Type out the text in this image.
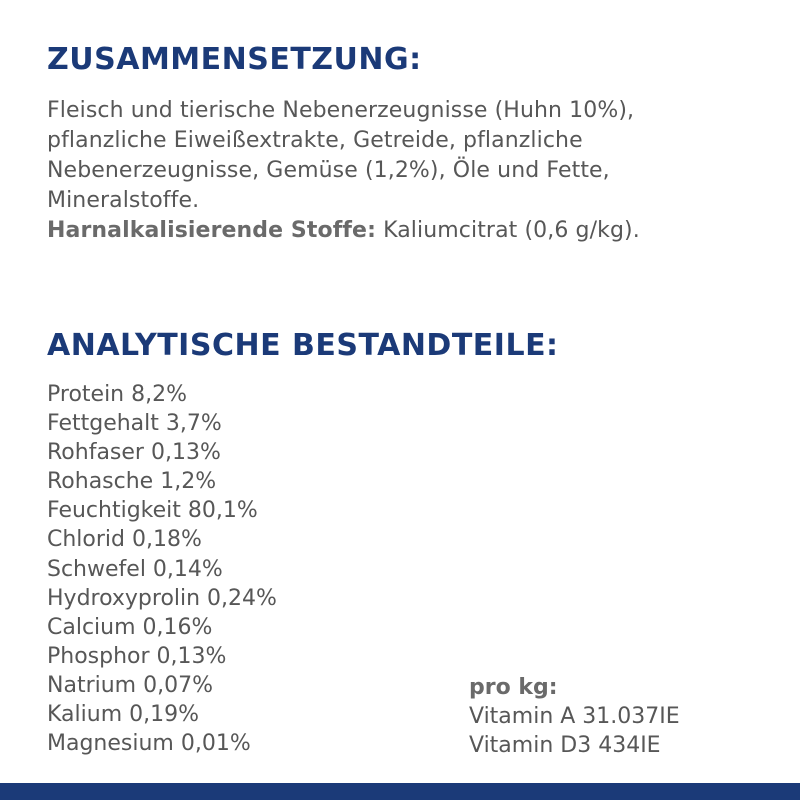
ZUSAMMENSETZUNG:
Fleisch und tierische Nebenerzeugnisse (Huhn 10%),
pflanzliche Eiweißextrakte, Getreide, pflanzliche
Nebenerzeugnisse, Gemüse (1,2%), Öle und Fette,
Mineralstoffe.
Harnalkalisierende Stoffe: Kaliumcitrat (0,6 g/kg).
ANALYTISCHE BESTANDTEILE:
Protein 8,2%
Fettgehalt 3,7%
Rohfaser 0,13%
Rohasche 1,2%
Feuchtigkeit 80,1%
Chlorid 0,18%
Schwefel 0,14%
Hydroxyprolin 0,24%
Calcium 0,16%
Phosphor 0,13%
Natrium 0,07%
Kalium 0,19%
Magnesium 0,01%
pro kg:
Vitamin A 31.037IE
Vitamin D3 434IE
